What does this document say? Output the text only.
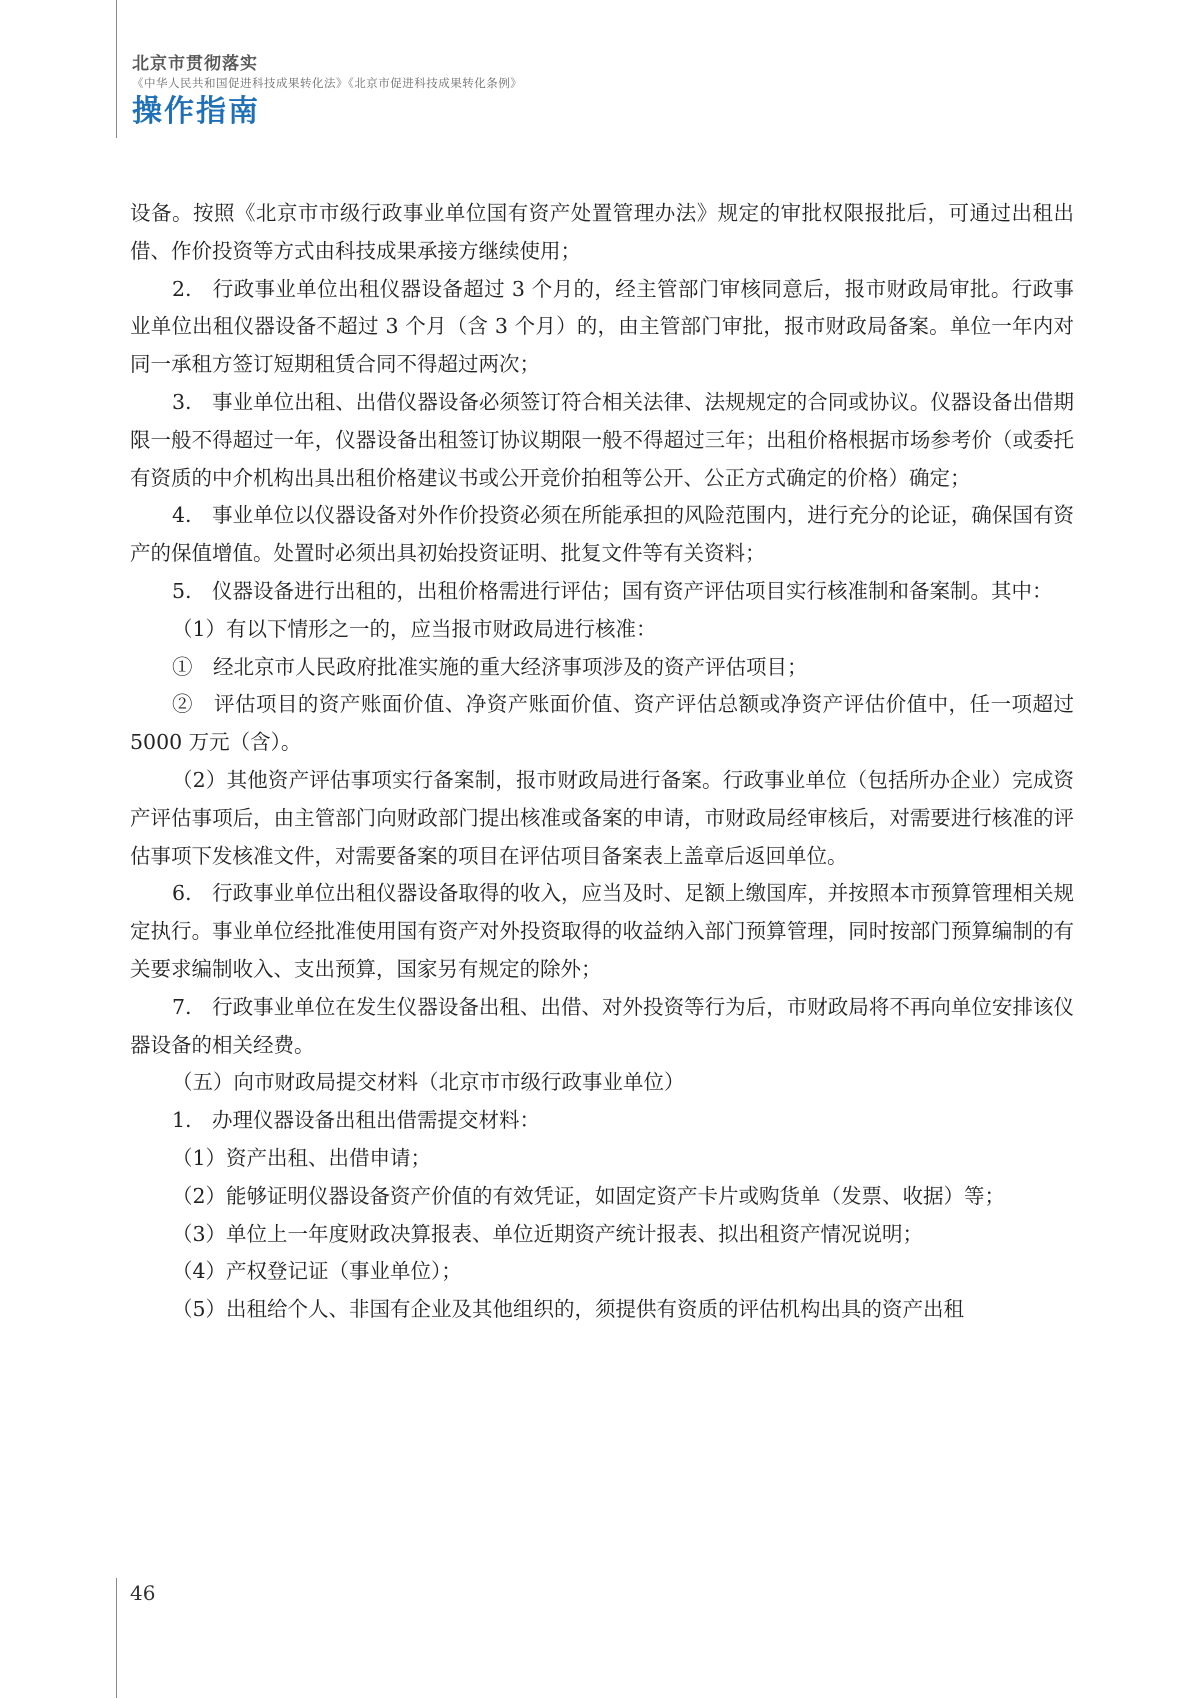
北京市贯彻落实
《中华人民共和国促进科技成果转化法》《北京市促进科技成果转化条例》
操作指南

设备。按照《北京市市级行政事业单位国有资产处置管理办法》规定的审批权限报批后，可通过出租出借、作价投资等方式由科技成果承接方继续使用；

2.　行政事业单位出租仪器设备超过 3 个月的，经主管部门审核同意后，报市财政局审批。行政事业单位出租仪器设备不超过 3 个月（含 3 个月）的，由主管部门审批，报市财政局备案。单位一年内对同一承租方签订短期租赁合同不得超过两次；

3.　事业单位出租、出借仪器设备必须签订符合相关法律、法规规定的合同或协议。仪器设备出借期限一般不得超过一年，仪器设备出租签订协议期限一般不得超过三年；出租价格根据市场参考价（或委托有资质的中介机构出具出租价格建议书或公开竞价拍租等公开、公正方式确定的价格）确定；

4.　事业单位以仪器设备对外作价投资必须在所能承担的风险范围内，进行充分的论证，确保国有资产的保值增值。处置时必须出具初始投资证明、批复文件等有关资料；

5.　仪器设备进行出租的，出租价格需进行评估；国有资产评估项目实行核准制和备案制。其中：

（1）有以下情形之一的，应当报市财政局进行核准：

①　经北京市人民政府批准实施的重大经济事项涉及的资产评估项目；

②　评估项目的资产账面价值、净资产账面价值、资产评估总额或净资产评估价值中，任一项超过 5000 万元（含）。

（2）其他资产评估事项实行备案制，报市财政局进行备案。行政事业单位（包括所办企业）完成资产评估事项后，由主管部门向财政部门提出核准或备案的申请，市财政局经审核后，对需要进行核准的评估事项下发核准文件，对需要备案的项目在评估项目备案表上盖章后返回单位。

6.　行政事业单位出租仪器设备取得的收入，应当及时、足额上缴国库，并按照本市预算管理相关规定执行。事业单位经批准使用国有资产对外投资取得的收益纳入部门预算管理，同时按部门预算编制的有关要求编制收入、支出预算，国家另有规定的除外；

7.　行政事业单位在发生仪器设备出租、出借、对外投资等行为后，市财政局将不再向单位安排该仪器设备的相关经费。

（五）向市财政局提交材料（北京市市级行政事业单位）

1.　办理仪器设备出租出借需提交材料：

（1）资产出租、出借申请；

（2）能够证明仪器设备资产价值的有效凭证，如固定资产卡片或购货单（发票、收据）等；

（3）单位上一年度财政决算报表、单位近期资产统计报表、拟出租资产情况说明；

（4）产权登记证（事业单位）；

（5）出租给个人、非国有企业及其他组织的，须提供有资质的评估机构出具的资产出租

46
